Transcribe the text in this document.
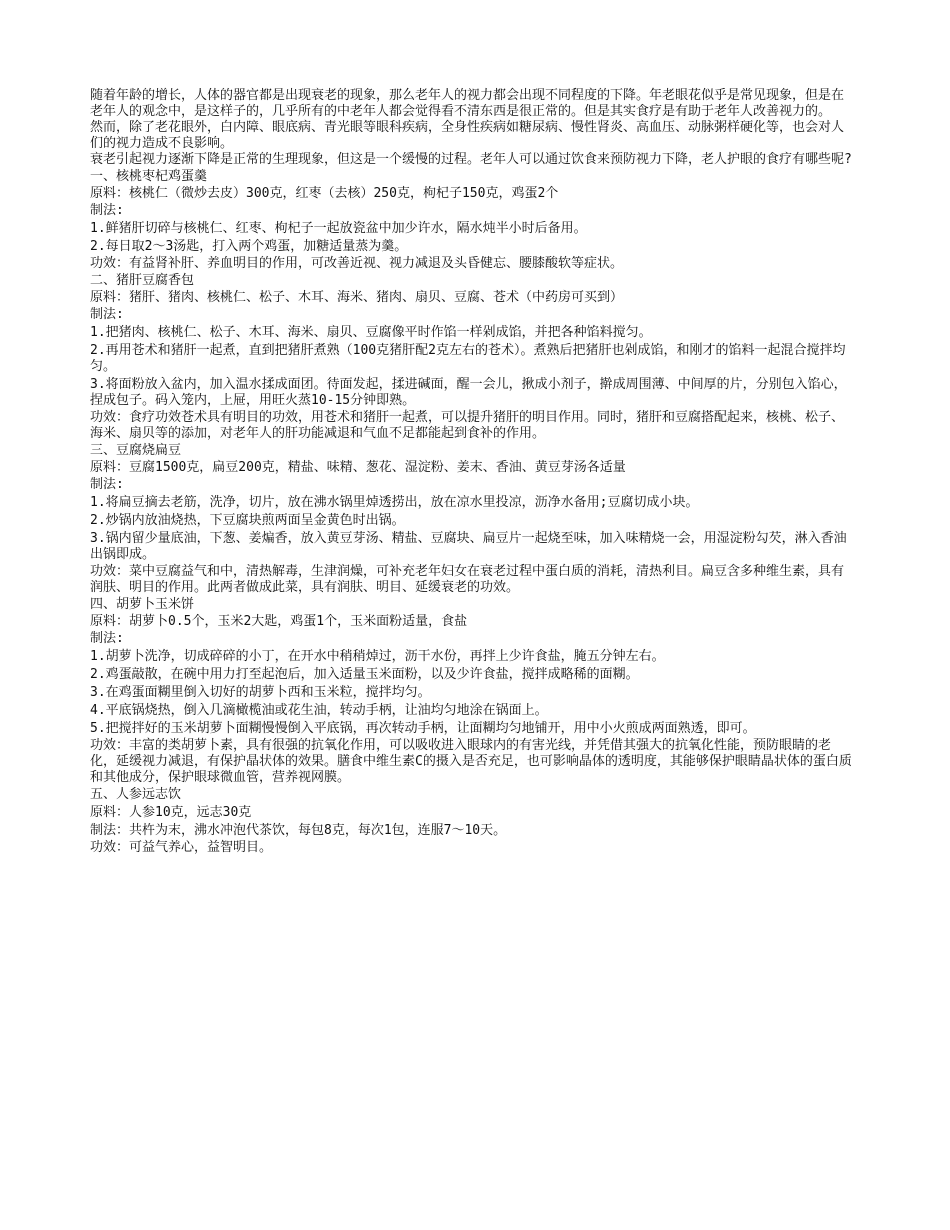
随着年龄的增长，人体的器官都是出现衰老的现象，那么老年人的视力都会出现不同程度的下降。年老眼花似乎是常见现象，但是在老年人的观念中，是这样子的，几乎所有的中老年人都会觉得看不清东西是很正常的。但是其实食疗是有助于老年人改善视力的。

然而，除了老花眼外，白内障、眼底病、青光眼等眼科疾病，全身性疾病如糖尿病、慢性肾炎、高血压、动脉粥样硬化等，也会对人们的视力造成不良影响。

衰老引起视力逐渐下降是正常的生理现象，但这是一个缓慢的过程。老年人可以通过饮食来预防视力下降，老人护眼的食疗有哪些呢?

一、核桃枣杞鸡蛋羹

原料：核桃仁（微炒去皮）300克，红枣（去核）250克，枸杞子150克，鸡蛋2个

制法:

1.鲜猪肝切碎与核桃仁、红枣、枸杞子一起放瓷盆中加少许水，隔水炖半小时后备用。

2.每日取2～3汤匙，打入两个鸡蛋，加糖适量蒸为羹。

功效：有益肾补肝、养血明目的作用，可改善近视、视力减退及头昏健忘、腰膝酸软等症状。

二、猪肝豆腐香包

原料：猪肝、猪肉、核桃仁、松子、木耳、海米、猪肉、扇贝、豆腐、苍术（中药房可买到）

制法:

1.把猪肉、核桃仁、松子、木耳、海米、扇贝、豆腐像平时作馅一样剁成馅，并把各种馅料搅匀。

2.再用苍术和猪肝一起煮，直到把猪肝煮熟（100克猪肝配2克左右的苍术）。煮熟后把猪肝也剁成馅，和刚才的馅料一起混合搅拌均匀。

3.将面粉放入盆内，加入温水揉成面团。待面发起，揉进碱面，醒一会儿，揪成小剂子，擀成周围薄、中间厚的片，分别包入馅心，捏成包子。码入笼内，上屉，用旺火蒸10-15分钟即熟。

功效：食疗功效苍术具有明目的功效，用苍术和猪肝一起煮，可以提升猪肝的明目作用。同时，猪肝和豆腐搭配起来，核桃、松子、海米、扇贝等的添加，对老年人的肝功能减退和气血不足都能起到食补的作用。

三、豆腐烧扁豆

原料：豆腐1500克，扁豆200克，精盐、味精、葱花、湿淀粉、姜末、香油、黄豆芽汤各适量

制法:

1.将扁豆摘去老筋，洗净，切片，放在沸水锅里焯透捞出，放在凉水里投凉，沥净水备用;豆腐切成小块。

2.炒锅内放油烧热，下豆腐块煎两面呈金黄色时出锅。

3.锅内留少量底油，下葱、姜煸香，放入黄豆芽汤、精盐、豆腐块、扁豆片一起烧至味，加入味精烧一会，用湿淀粉勾芡，淋入香油出锅即成。

功效：菜中豆腐益气和中，清热解毒，生津润燥，可补充老年妇女在衰老过程中蛋白质的消耗，清热利目。扁豆含多种维生素，具有润肤、明目的作用。此两者做成此菜，具有润肤、明目、延缓衰老的功效。

四、胡萝卜玉米饼

原料：胡萝卜0.5个，玉米2大匙，鸡蛋1个，玉米面粉适量，食盐

制法:

1.胡萝卜洗净，切成碎碎的小丁，在开水中稍稍焯过，沥干水份，再拌上少许食盐，腌五分钟左右。

2.鸡蛋敲散，在碗中用力打至起泡后，加入适量玉米面粉，以及少许食盐，搅拌成略稀的面糊。

3.在鸡蛋面糊里倒入切好的胡萝卜西和玉米粒，搅拌均匀。

4.平底锅烧热，倒入几滴橄榄油或花生油，转动手柄，让油均匀地涂在锅面上。

5.把搅拌好的玉米胡萝卜面糊慢慢倒入平底锅，再次转动手柄，让面糊均匀地铺开，用中小火煎成两面熟透，即可。

功效：丰富的类胡萝卜素，具有很强的抗氧化作用，可以吸收进入眼球内的有害光线，并凭借其强大的抗氧化性能，预防眼睛的老化，延缓视力减退，有保护晶状体的效果。膳食中维生素C的摄入是否充足，也可影响晶体的透明度，其能够保护眼睛晶状体的蛋白质和其他成分，保护眼球微血管，营养视网膜。

五、人参远志饮

原料：人参10克，远志30克

制法：共杵为末，沸水冲泡代茶饮，每包8克，每次1包，连服7～10天。

功效：可益气养心，益智明目。
